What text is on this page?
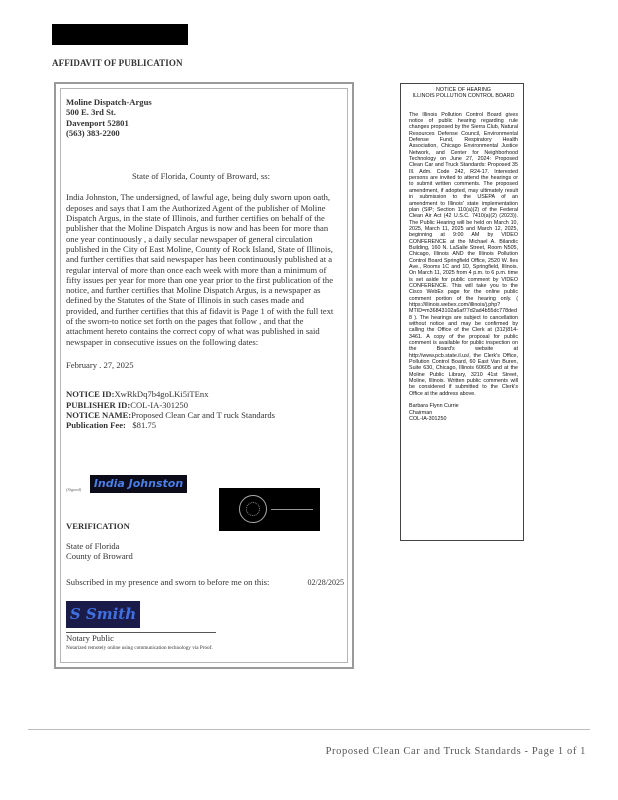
AFFIDAVIT OF PUBLICATION
Moline Dispatch-Argus
500 E. 3rd St.
Davenport 52801
(563) 383-2200
State of Florida, County of Broward, ss:
India Johnston, The undersigned, of lawful age, being duly sworn upon oath, deposes and says that I am the Authorized Agent of the publisher of Moline Dispatch Argus, in the state of Illinois, and further certifies on behalf of the publisher that the Moline Dispatch Argus is now and has been for more than one year continuously , a daily secular newspaper of general circulation published in the City of East Moline, County of Rock Island, State of Illinois, and further certifies that said newspaper has been continuously published at a regular interval of more than once each week with more than a minimum of fifty issues per year for more than one year prior to the first publication of the notice, and further certifies that Moline Dispatch Argus, is a newspaper as defined by the Statutes of the State of Illinois in such cases made and provided, and further certifies that this af fidavit is Page 1 of with the full text of the sworn-to notice set forth on the pages that follow , and that the attachment hereto contains the correct copy of what was published in said newspaper in consecutive issues on the following dates:
February . 27, 2025
NOTICE ID:XwRkDq7b4goLKi5iTEnx
PUBLISHER ID:COL-IA-301250
NOTICE NAME:Proposed Clean Car and T ruck Standards
Publication Fee: $81.75
(Signed)	India Johnston
VERIFICATION
State of Florida
County of Broward
Subscribed in my presence and sworn to before me on this:	02/28/2025
S Smith
Notary Public
Notarized remotely online using communication technology via Proof.
NOTICE OF HEARING
ILLINOIS POLLUTION CONTROL BOARD
The Illinois Pollution Control Board gives notice of public hearing regarding rule changes proposed by the Sierra Club, Natural Resources Defense Council, Environmental Defense Fund, Respiratory Health Association, Chicago Environmental Justice Network, and Center for Neighborhood Technology on June 27, 2024: Proposed Clean Car and Truck Standards: Proposed 35 Ill. Adm. Code 242, R24-17. Interested persons are invited to attend the hearings or to submit written comments. The proposed amendment, if adopted, may ultimately result in submission to the USEPA of an amendment to Illinois' state implementation plan (SIP; Section 110(a)(2) of the Federal Clean Air Act (42 U.S.C. 7410(a)(2) (2023)). The Public Hearing will be held on March 10, 2025, March 11, 2025 and March 12, 2025, beginning at 9:00 AM by VIDEO CONFERENCE at the Michael A. Bilandic Building, 160 N. LaSalle Street, Room N505, Chicago, Illinois AND the Illinois Pollution Control Board Springfield Office, 2520 W. Iles Ave., Rooms 1C and 1D, Springfield, Illinois. On March 11, 2025 from 4 p.m. to 6 p.m. time is set aside for public comment by VIDEO CONFERENCE. This will take you to the Cisco WebEx page for the online public comment portion of the hearing only. ( https://illinois.webex.com/illinois/j.php?MTID=m36843102a6af77d2ad4b55dc778ded8 ). The hearings are subject to cancellation without notice and may be confirmed by calling the Office of the Clerk at (312)814-3461. A copy of the proposal for public comment is available for public inspection on the Board's website at http://www.pcb.state.il.us/, the Clerk's Office, Pollution Control Board, 60 East Van Buren, Suite 630, Chicago, Illinois 60605 and at the Moline Public Library, 3210 41st Street, Moline, Illinois. Written public comments will be considered if submitted to the Clerk's Office at the address above.
Barbara Flynn Currie
Chairman
COL-IA-301250
Proposed Clean Car and Truck Standards - Page 1 of 1
